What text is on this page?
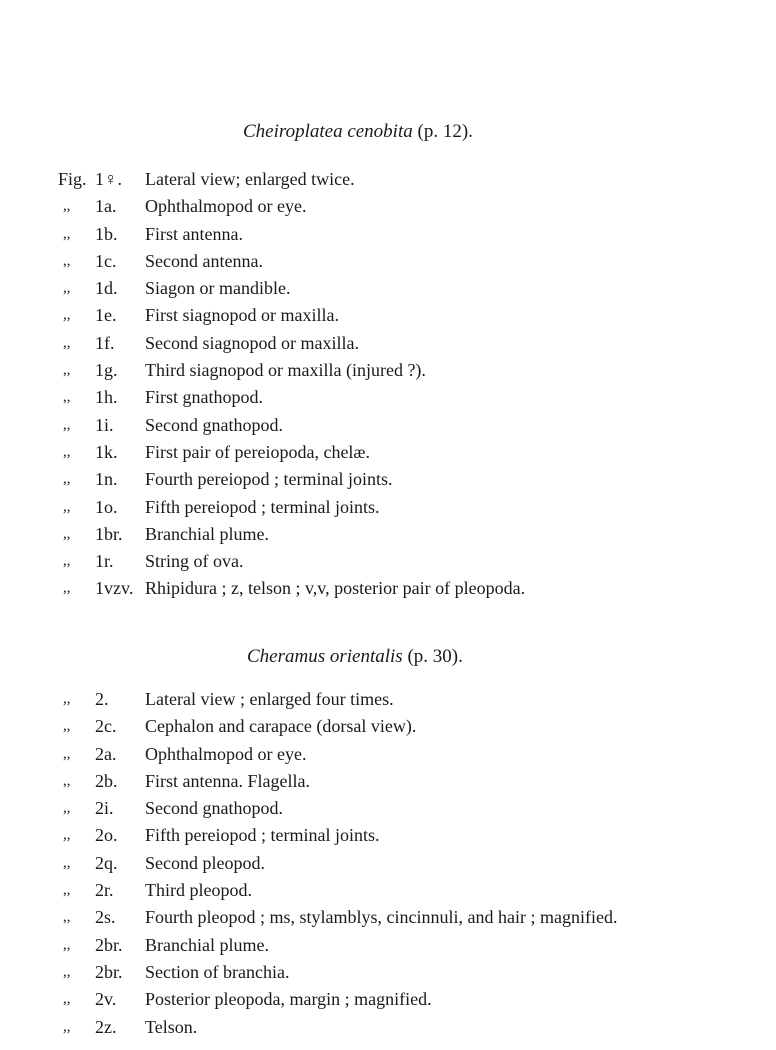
Cheiroplatea cenobita (p. 12).
Fig. 1♀. Lateral view; enlarged twice.
,, 1a. Ophthalmopod or eye.
,, 1b. First antenna.
,, 1c. Second antenna.
,, 1d. Siagon or mandible.
,, 1e. First siagnopod or maxilla.
,, 1f. Second siagnopod or maxilla.
,, 1g. Third siagnopod or maxilla (injured ?).
,, 1h. First gnathopod.
,, 1i. Second gnathopod.
,, 1k. First pair of pereiopoda, chelæ.
,, 1n. Fourth pereiopod ; terminal joints.
,, 1o. Fifth pereiopod ; terminal joints.
,, 1br. Branchial plume.
,, 1r. String of ova.
,, 1vzv. Rhipidura ; z, telson ; v,v, posterior pair of pleopoda.
Cheramus orientalis (p. 30).
,, 2. Lateral view ; enlarged four times.
,, 2c. Cephalon and carapace (dorsal view).
,, 2a. Ophthalmopod or eye.
,, 2b. First antenna. Flagella.
,, 2i. Second gnathopod.
,, 2o. Fifth pereiopod ; terminal joints.
,, 2q. Second pleopod.
,, 2r. Third pleopod.
,, 2s. Fourth pleopod ; ms, stylamblys, cincinnuli, and hair ; magnified.
,, 2br. Branchial plume.
,, 2br. Section of branchia.
,, 2v. Posterior pleopoda, margin ; magnified.
,, 2z. Telson.
